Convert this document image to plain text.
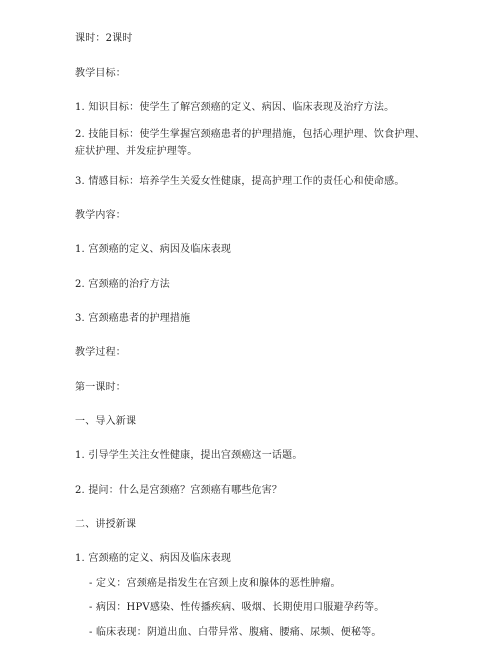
课时：2课时
教学目标：
1. 知识目标：使学生了解宫颈癌的定义、病因、临床表现及治疗方法。
2. 技能目标：使学生掌握宫颈癌患者的护理措施，包括心理护理、饮食护理、症状护理、并发症护理等。
3. 情感目标：培养学生关爱女性健康，提高护理工作的责任心和使命感。
教学内容：
1. 宫颈癌的定义、病因及临床表现
2. 宫颈癌的治疗方法
3. 宫颈癌患者的护理措施
教学过程：
第一课时：
一、导入新课
1. 引导学生关注女性健康，提出宫颈癌这一话题。
2. 提问：什么是宫颈癌？宫颈癌有哪些危害？
二、讲授新课
1. 宫颈癌的定义、病因及临床表现
- 定义：宫颈癌是指发生在宫颈上皮和腺体的恶性肿瘤。
- 病因：HPV感染、性传播疾病、吸烟、长期使用口服避孕药等。
- 临床表现：阴道出血、白带异常、腹痛、腰痛、尿频、便秘等。
